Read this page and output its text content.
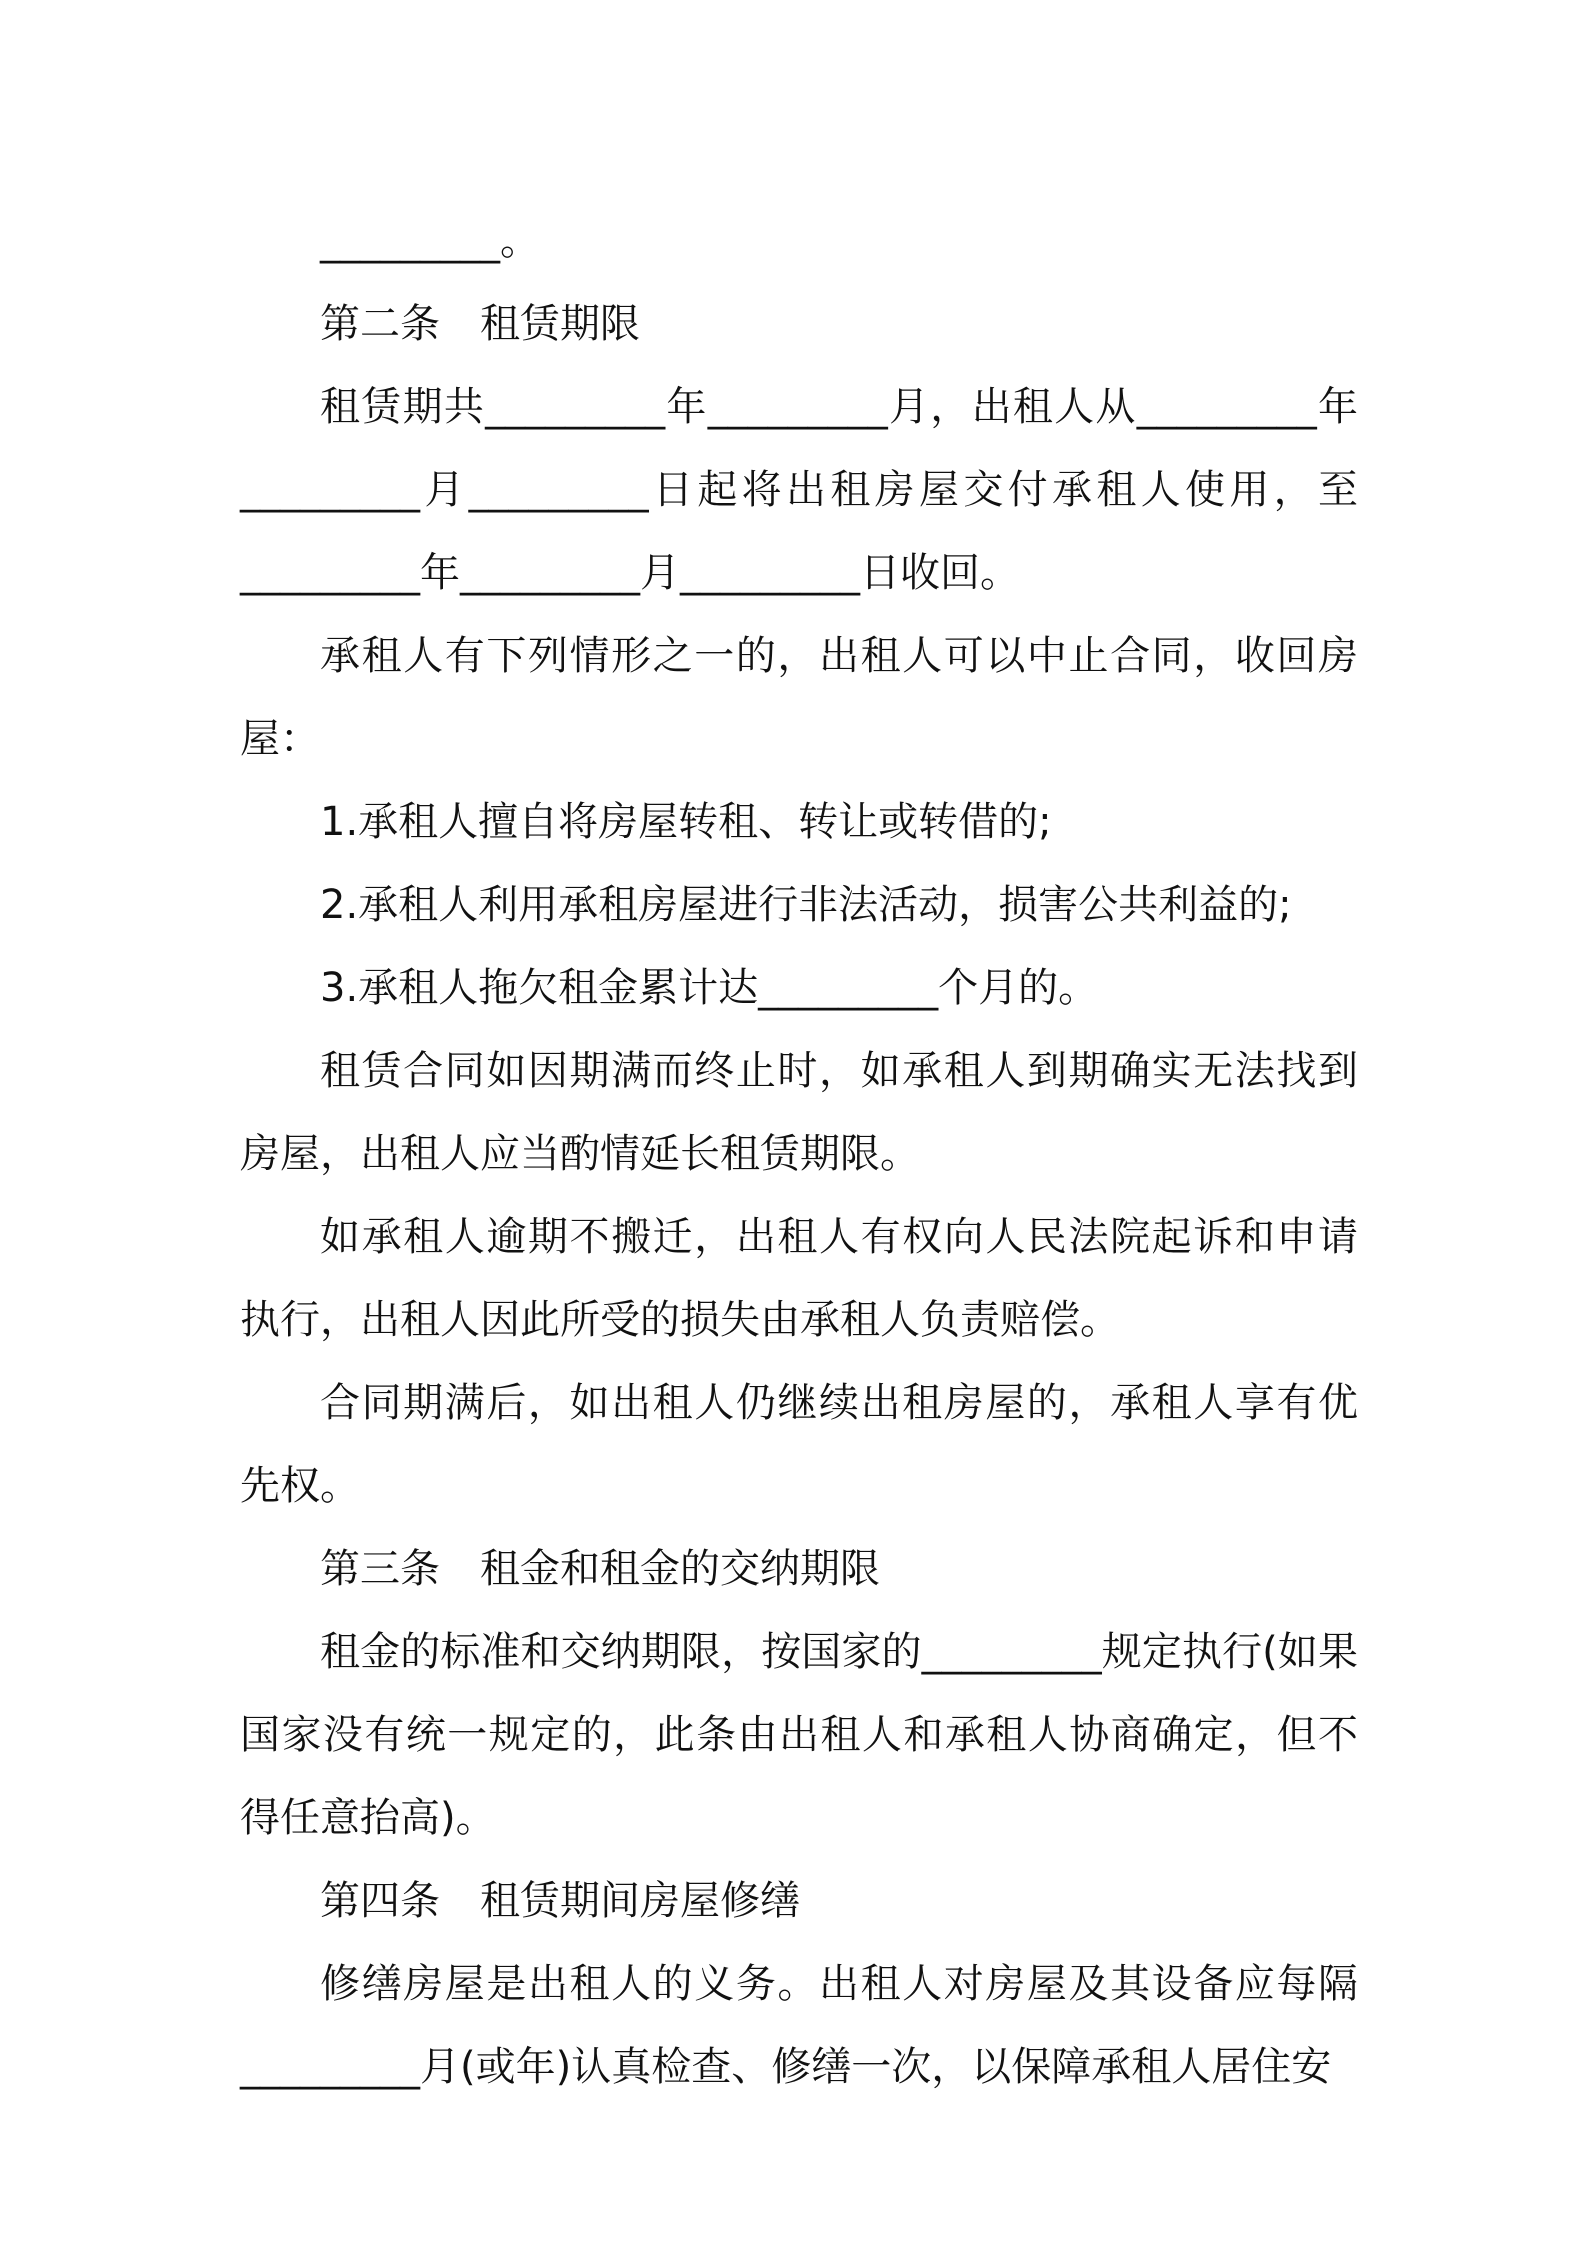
_________。

第二条　租赁期限

租赁期共_________年_________月，出租人从_________年_________月_________日起将出租房屋交付承租人使用，至_________年_________月_________日收回。

承租人有下列情形之一的，出租人可以中止合同，收回房屋：

1.承租人擅自将房屋转租、转让或转借的;

2.承租人利用承租房屋进行非法活动，损害公共利益的;

3.承租人拖欠租金累计达_________个月的。

租赁合同如因期满而终止时，如承租人到期确实无法找到房屋，出租人应当酌情延长租赁期限。

如承租人逾期不搬迁，出租人有权向人民法院起诉和申请执行，出租人因此所受的损失由承租人负责赔偿。

合同期满后，如出租人仍继续出租房屋的，承租人享有优先权。

第三条　租金和租金的交纳期限

租金的标准和交纳期限，按国家的_________规定执行(如果国家没有统一规定的，此条由出租人和承租人协商确定，但不得任意抬高)。

第四条　租赁期间房屋修缮

修缮房屋是出租人的义务。出租人对房屋及其设备应每隔_________月(或年)认真检查、修缮一次，以保障承租人居住安
